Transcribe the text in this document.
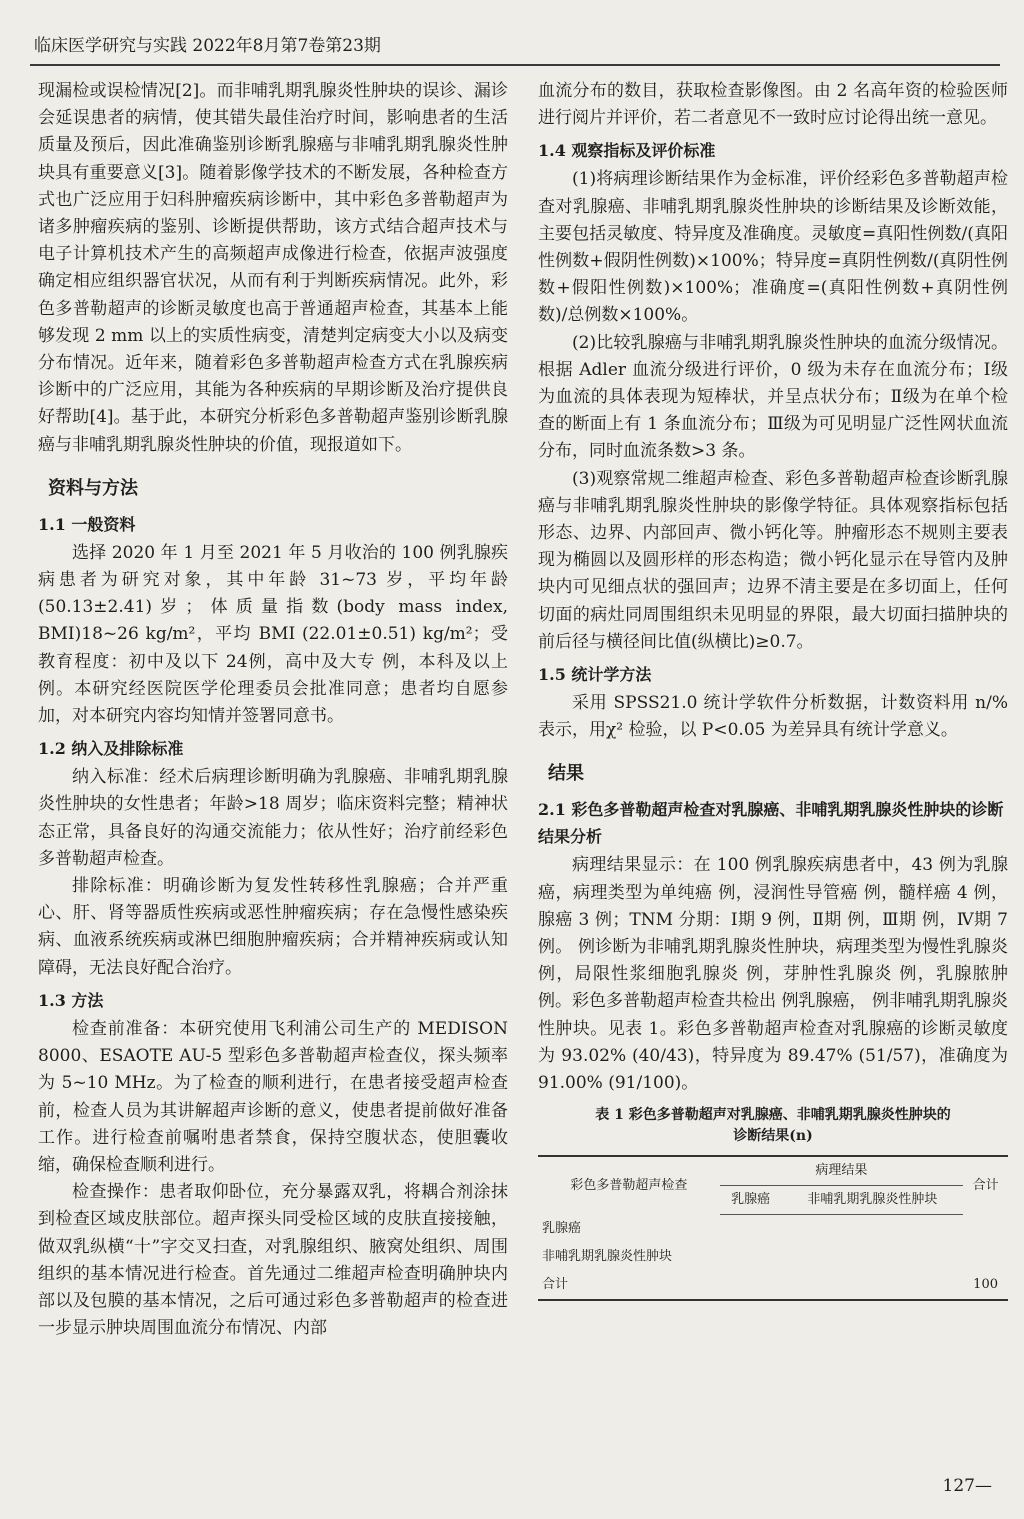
临床医学研究与实践 2022年8月第7卷第23期

现漏检或误检情况[2]。而非哺乳期乳腺炎性肿块的误诊、漏诊会延误患者的病情，使其错失最佳治疗时间，影响患者的生活质量及预后，因此准确鉴别诊断乳腺癌与非哺乳期乳腺炎性肿块具有重要意义[3]。随着影像学技术的不断发展，各种检查方式也广泛应用于妇科肿瘤疾病诊断中，其中彩色多普勒超声为诸多肿瘤疾病的鉴别、诊断提供帮助，该方式结合超声技术与电子计算机技术产生的高频超声成像进行检查，依据声波强度确定相应组织器官状况，从而有利于判断疾病情况。此外，彩色多普勒超声的诊断灵敏度也高于普通超声检查，其基本上能够发现 2 mm 以上的实质性病变，清楚判定病变大小以及病变分布情况。近年来，随着彩色多普勒超声检查方式在乳腺疾病诊断中的广泛应用，其能为各种疾病的早期诊断及治疗提供良好帮助[4]。基于此，本研究分析彩色多普勒超声鉴别诊断乳腺癌与非哺乳期乳腺炎性肿块的价值，现报道如下。

资料与方法
1.1 一般资料

选择 2020 年 1 月至 2021 年 5 月收治的 100 例乳腺疾病患者为研究对象，其中年龄 31~73 岁，平均年龄(50.13±2.41)岁；体质量指数(body mass index, BMI)18~26 kg/m²，平均 BMI (22.01±0.51) kg/m²；受教育程度：初中及以下 24例，高中及大专 例，本科及以上 例。本研究经医院医学伦理委员会批准同意；患者均自愿参加，对本研究内容均知情并签署同意书。

1.2 纳入及排除标准

纳入标准：经术后病理诊断明确为乳腺癌、非哺乳期乳腺炎性肿块的女性患者；年龄>18 周岁；临床资料完整；精神状态正常，具备良好的沟通交流能力；依从性好；治疗前经彩色多普勒超声检查。

排除标准：明确诊断为复发性转移性乳腺癌；合并严重心、肝、肾等器质性疾病或恶性肿瘤疾病；存在急慢性感染疾病、血液系统疾病或淋巴细胞肿瘤疾病；合并精神疾病或认知障碍，无法良好配合治疗。

1.3 方法

检查前准备：本研究使用飞利浦公司生产的 MEDISON 8000、ESAOTE AU-5 型彩色多普勒超声检查仪，探头频率为 5~10 MHz。为了检查的顺利进行，在患者接受超声检查前，检查人员为其讲解超声诊断的意义，使患者提前做好准备工作。进行检查前嘱咐患者禁食，保持空腹状态，使胆囊收缩，确保检查顺利进行。

检查操作：患者取仰卧位，充分暴露双乳，将耦合剂涂抹到检查区域皮肤部位。超声探头同受检区域的皮肤直接接触，做双乳纵横“十”字交叉扫查，对乳腺组织、腋窝处组织、周围组织的基本情况进行检查。首先通过二维超声检查明确肿块内部以及包膜的基本情况，之后可通过彩色多普勒超声的检查进一步显示肿块周围血流分布情况、内部

血流分布的数目，获取检查影像图。由 2 名高年资的检验医师进行阅片并评价，若二者意见不一致时应讨论得出统一意见。

1.4 观察指标及评价标准

(1)将病理诊断结果作为金标准，评价经彩色多普勒超声检查对乳腺癌、非哺乳期乳腺炎性肿块的诊断结果及诊断效能，主要包括灵敏度、特异度及准确度。灵敏度=真阳性例数/(真阳性例数+假阴性例数)×100%；特异度=真阴性例数/(真阴性例数+假阳性例数)×100%；准确度=(真阳性例数+真阴性例数)/总例数×100%。

(2)比较乳腺癌与非哺乳期乳腺炎性肿块的血流分级情况。根据 Adler 血流分级进行评价，0 级为未存在血流分布；Ⅰ级为血流的具体表现为短棒状，并呈点状分布；Ⅱ级为在单个检查的断面上有 1 条血流分布；Ⅲ级为可见明显广泛性网状血流分布，同时血流条数>3 条。

(3)观察常规二维超声检查、彩色多普勒超声检查诊断乳腺癌与非哺乳期乳腺炎性肿块的影像学特征。具体观察指标包括形态、边界、内部回声、微小钙化等。肿瘤形态不规则主要表现为椭圆以及圆形样的形态构造；微小钙化显示在导管内及肿块内可见细点状的强回声；边界不清主要是在多切面上，任何切面的病灶同周围组织未见明显的界限，最大切面扫描肿块的前后径与横径间比值(纵横比)≥0.7。

1.5 统计学方法

采用 SPSS21.0 统计学软件分析数据，计数资料用 n/% 表示，用χ² 检验，以 P<0.05 为差异具有统计学意义。

结果
2.1 彩色多普勒超声检查对乳腺癌、非哺乳期乳腺炎性肿块的诊断结果分析

病理结果显示：在 100 例乳腺疾病患者中，43 例为乳腺癌，病理类型为单纯癌 例，浸润性导管癌 例，髓样癌 4 例，腺癌 3 例；TNM 分期：Ⅰ期 9 例，Ⅱ期 例，Ⅲ期 例，Ⅳ期 7 例。 例诊断为非哺乳期乳腺炎性肿块，病理类型为慢性乳腺炎 例，局限性浆细胞乳腺炎 例，芽肿性乳腺炎 例，乳腺脓肿 例。彩色多普勒超声检查共检出 例乳腺癌， 例非哺乳期乳腺炎性肿块。见表 1。彩色多普勒超声检查对乳腺癌的诊断灵敏度为 93.02% (40/43)，特异度为 89.47% (51/57)，准确度为91.00% (91/100)。

表 1 彩色多普勒超声对乳腺癌、非哺乳期乳腺炎性肿块的
诊断结果(n)
彩色多普勒超声检查	病理结果		合计
	乳腺癌	非哺乳期乳腺炎性肿块	
乳腺癌			
非哺乳期乳腺炎性肿块			
合计			100
127—
